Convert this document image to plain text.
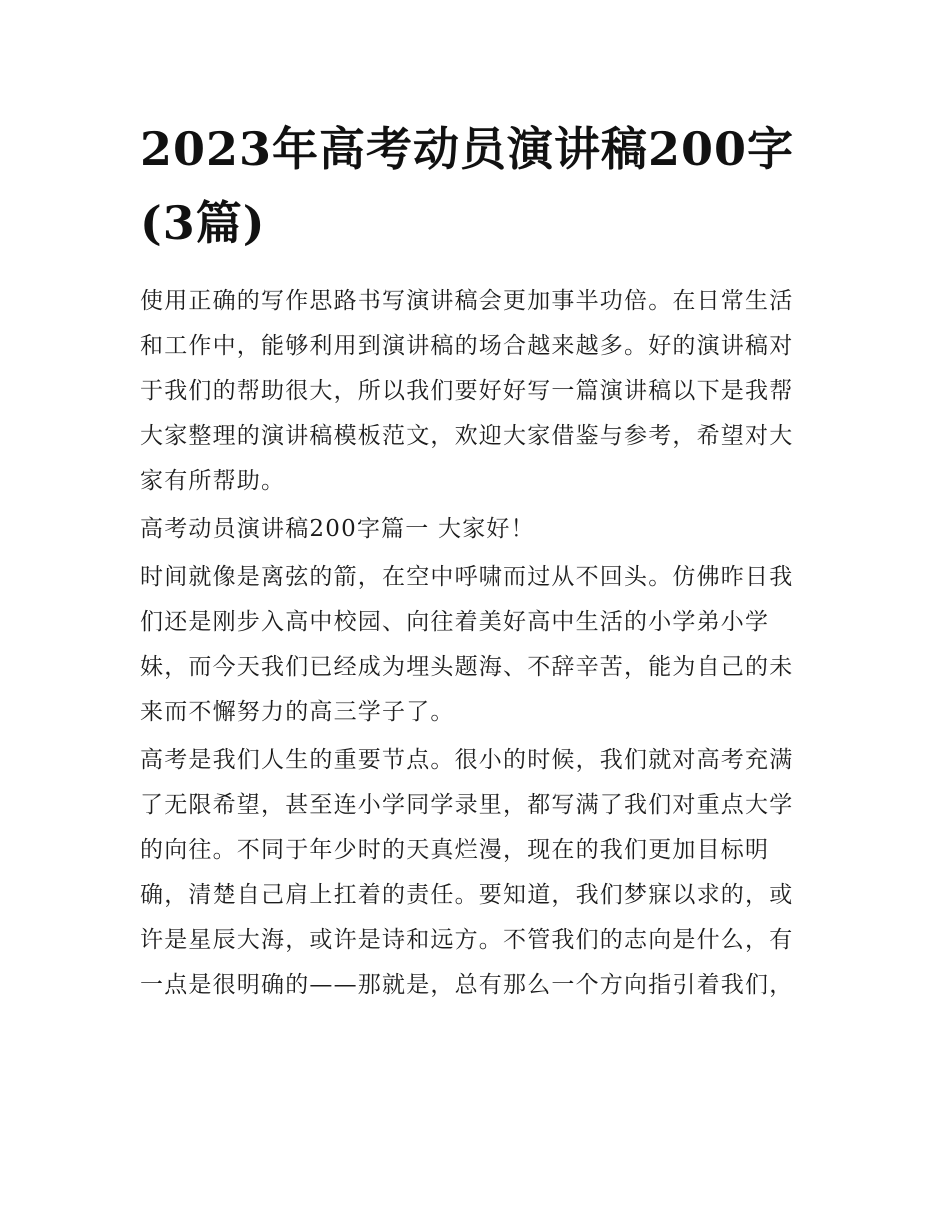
2023年高考动员演讲稿200字
(3篇)

使用正确的写作思路书写演讲稿会更加事半功倍。在日常生活
和工作中，能够利用到演讲稿的场合越来越多。好的演讲稿对
于我们的帮助很大，所以我们要好好写一篇演讲稿以下是我帮
大家整理的演讲稿模板范文，欢迎大家借鉴与参考，希望对大
家有所帮助。

高考动员演讲稿200字篇一 大家好！

时间就像是离弦的箭，在空中呼啸而过从不回头。仿佛昨日我
们还是刚步入高中校园、向往着美好高中生活的小学弟小学
妹，而今天我们已经成为埋头题海、不辞辛苦，能为自己的未
来而不懈努力的高三学子了。

高考是我们人生的重要节点。很小的时候，我们就对高考充满
了无限希望，甚至连小学同学录里，都写满了我们对重点大学
的向往。不同于年少时的天真烂漫，现在的我们更加目标明
确，清楚自己肩上扛着的责任。要知道，我们梦寐以求的，或
许是星辰大海，或许是诗和远方。不管我们的志向是什么，有
一点是很明确的——那就是，总有那么一个方向指引着我们，
